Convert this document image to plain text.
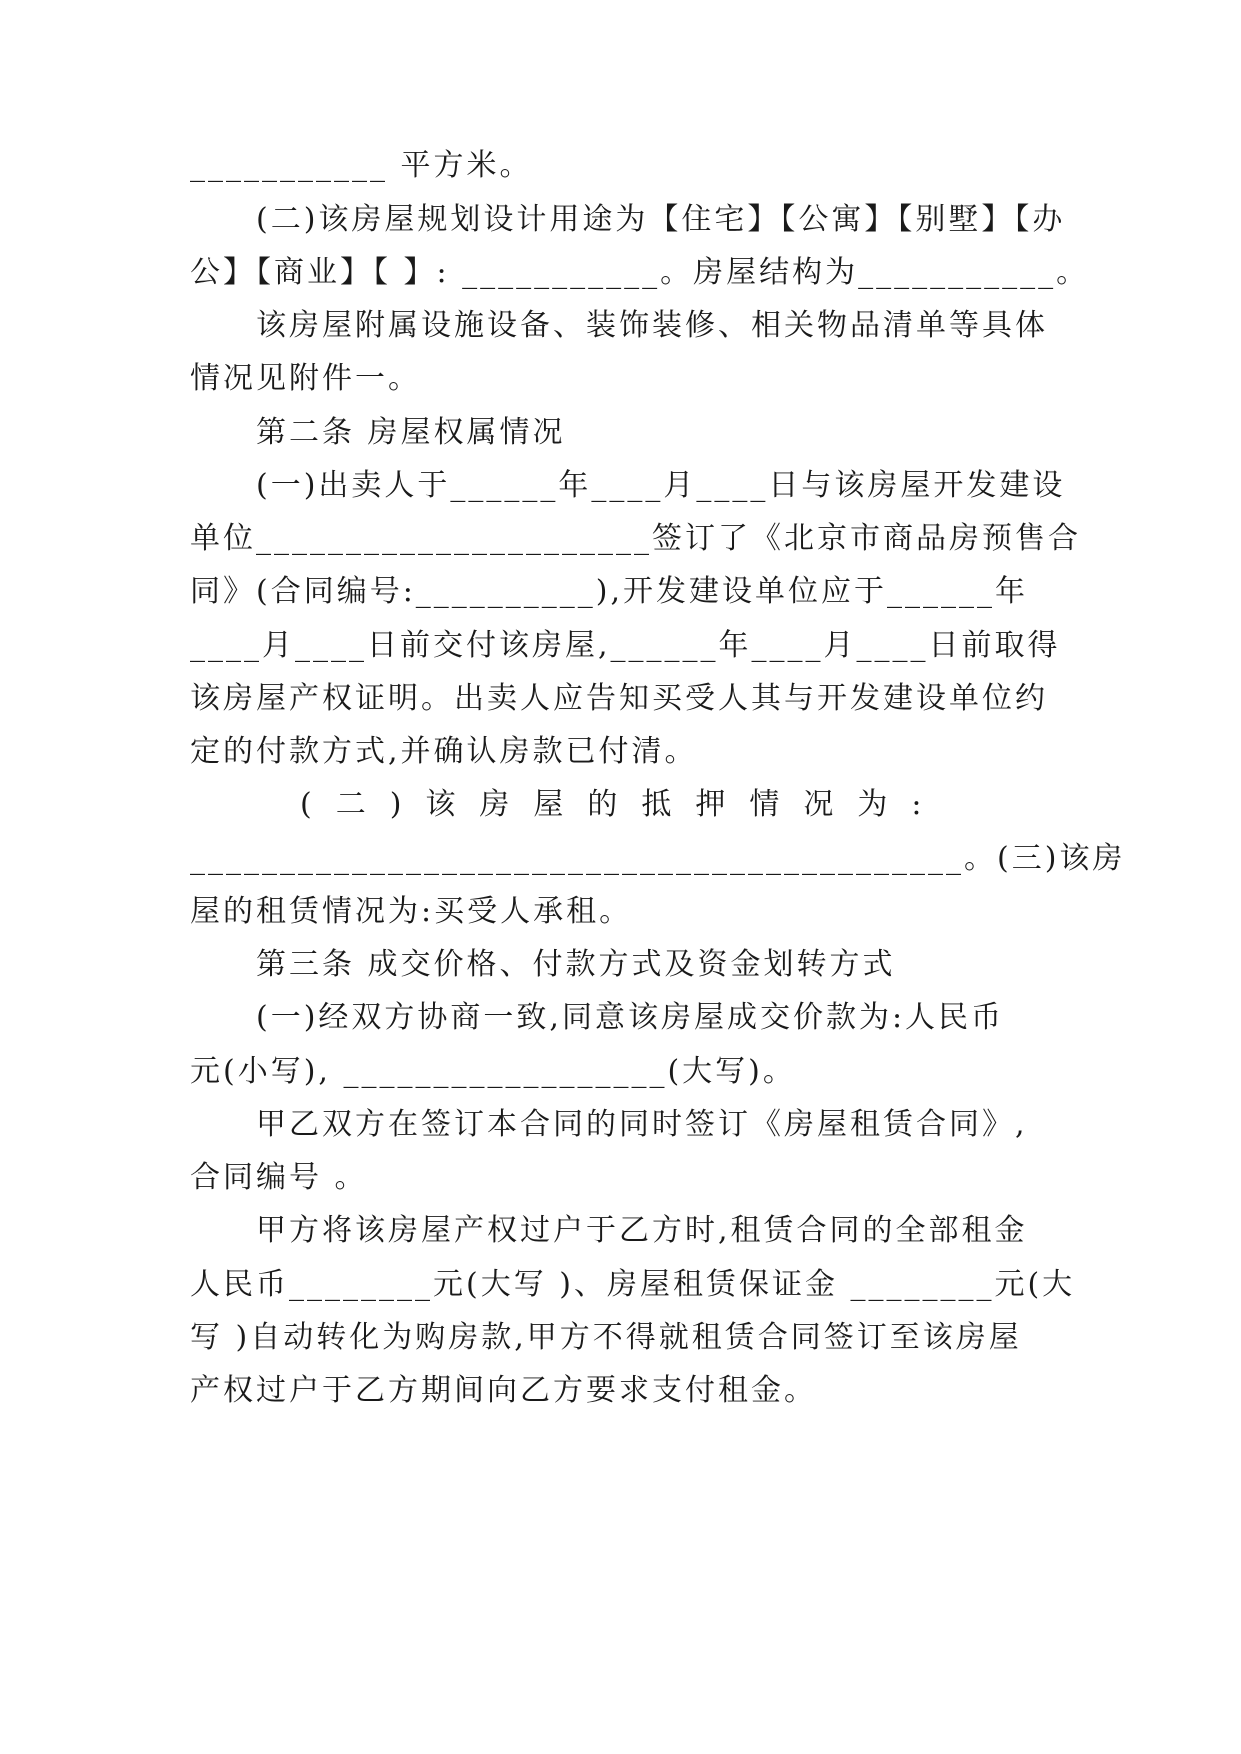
___________ 平方米。
(二)该房屋规划设计用途为【住宅】【公寓】【别墅】【办
公】【商业】【 】: ___________。房屋结构为___________。
该房屋附属设施设备、装饰装修、相关物品清单等具体
情况见附件一。
第二条 房屋权属情况
(一)出卖人于______年____月____日与该房屋开发建设
单位______________________签订了《北京市商品房预售合
同》(合同编号:__________),开发建设单位应于______年
____月____日前交付该房屋,______年____月____日前取得
该房屋产权证明。出卖人应告知买受人其与开发建设单位约
定的付款方式,并确认房款已付清。
(二)该房屋的抵押情况为:
___________________________________________。(三)该房
屋的租赁情况为:买受人承租。
第三条 成交价格、付款方式及资金划转方式
(一)经双方协商一致,同意该房屋成交价款为:人民币
元(小写), __________________(大写)。
甲乙双方在签订本合同的同时签订《房屋租赁合同》,
合同编号 。
甲方将该房屋产权过户于乙方时,租赁合同的全部租金
人民币________元(大写 )、房屋租赁保证金 ________元(大
写 )自动转化为购房款,甲方不得就租赁合同签订至该房屋
产权过户于乙方期间向乙方要求支付租金。
